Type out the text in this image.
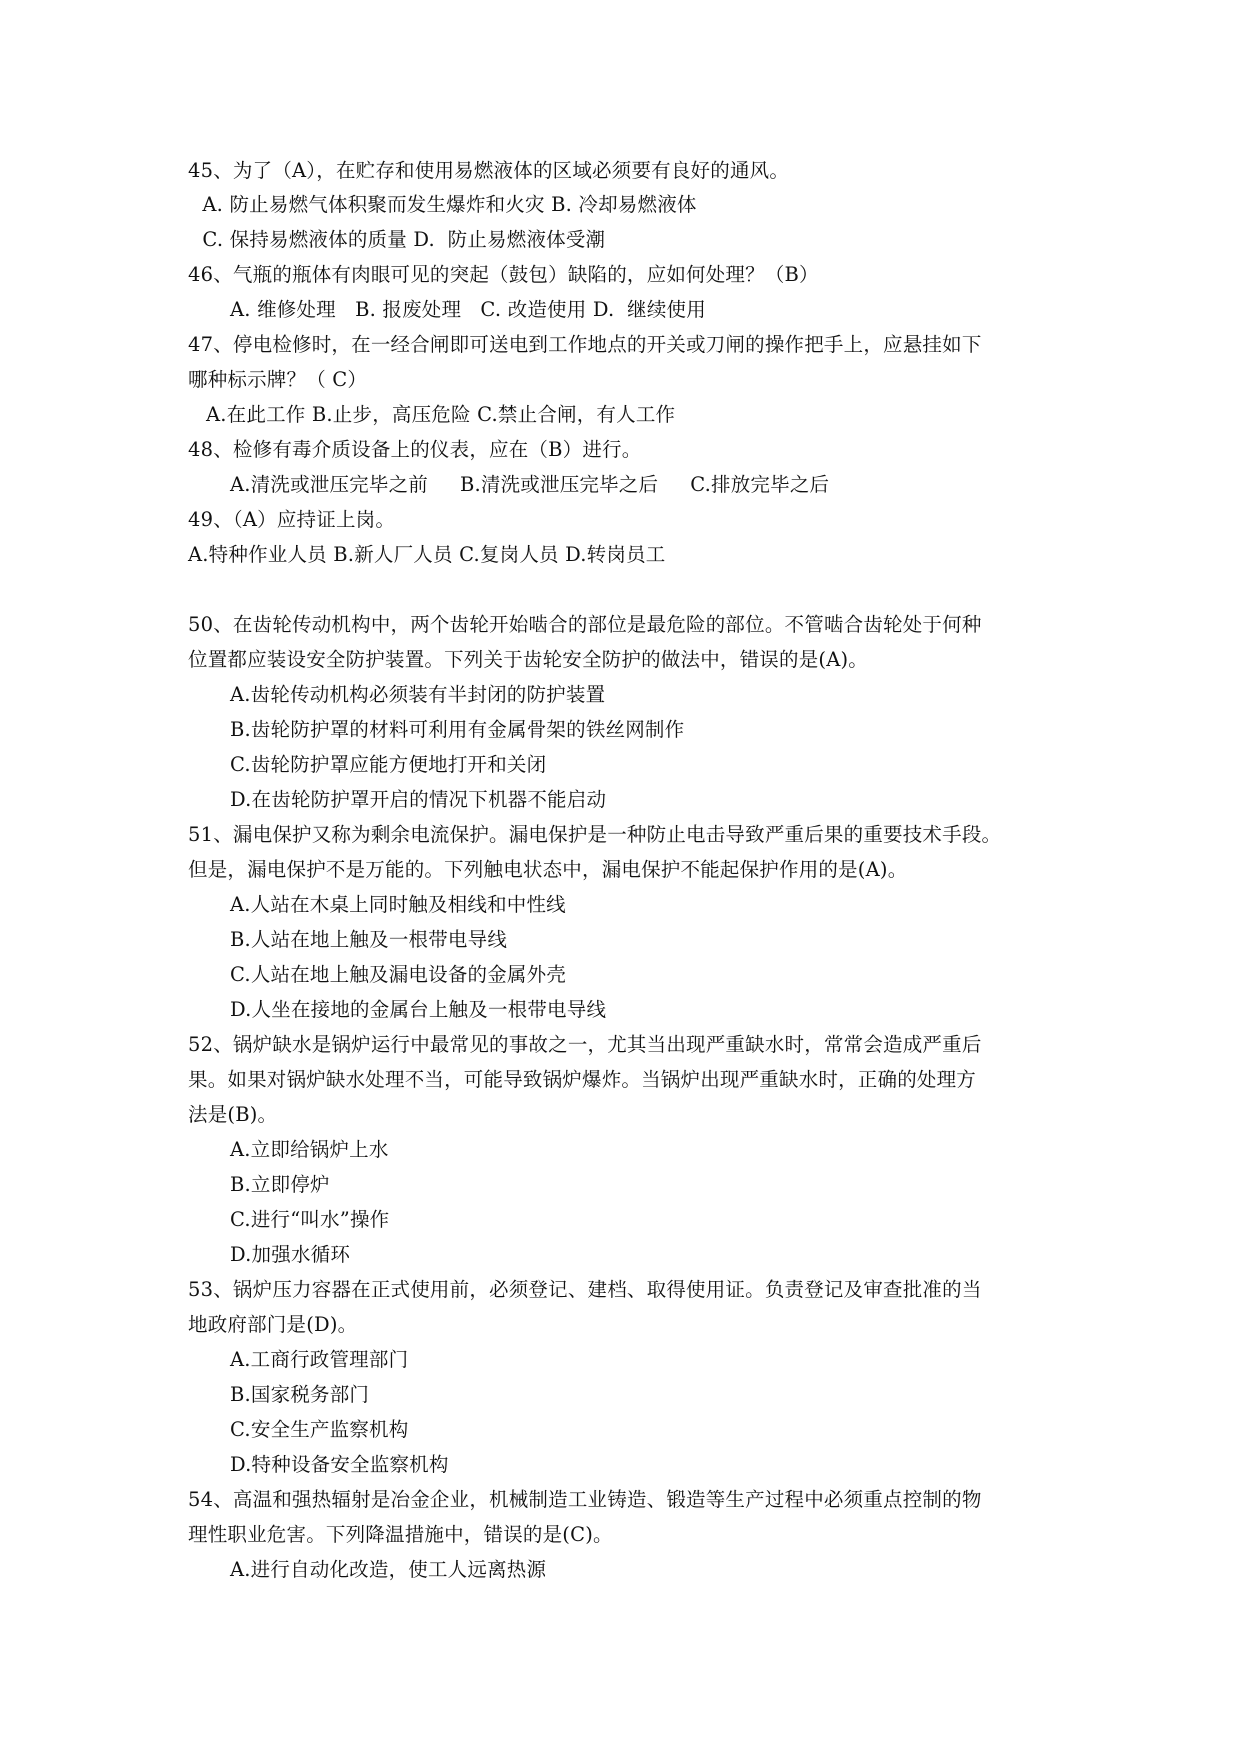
45、为了（A），在贮存和使用易燃液体的区域必须要有良好的通风。
A. 防止易燃气体积聚而发生爆炸和火灾 B. 冷却易燃液体
C. 保持易燃液体的质量 D.  防止易燃液体受潮
46、气瓶的瓶体有肉眼可见的突起（鼓包）缺陷的，应如何处理？（B）
A. 维修处理   B. 报废处理   C. 改造使用 D.  继续使用
47、停电检修时，在一经合闸即可送电到工作地点的开关或刀闸的操作把手上，应悬挂如下
哪种标示牌？（ C）
A.在此工作 B.止步，高压危险 C.禁止合闸，有人工作
48、检修有毒介质设备上的仪表，应在（B）进行。
A.清洗或泄压完毕之前     B.清洗或泄压完毕之后     C.排放完毕之后
49、（A）应持证上岗。
A.特种作业人员 B.新人厂人员 C.复岗人员 D.转岗员工
50、在齿轮传动机构中，两个齿轮开始啮合的部位是最危险的部位。不管啮合齿轮处于何种
位置都应装设安全防护装置。下列关于齿轮安全防护的做法中，错误的是(A)。
A.齿轮传动机构必须装有半封闭的防护装置
B.齿轮防护罩的材料可利用有金属骨架的铁丝网制作
C.齿轮防护罩应能方便地打开和关闭
D.在齿轮防护罩开启的情况下机器不能启动
51、漏电保护又称为剩余电流保护。漏电保护是一种防止电击导致严重后果的重要技术手段。
但是，漏电保护不是万能的。下列触电状态中，漏电保护不能起保护作用的是(A)。
A.人站在木桌上同时触及相线和中性线
B.人站在地上触及一根带电导线
C.人站在地上触及漏电设备的金属外壳
D.人坐在接地的金属台上触及一根带电导线
52、锅炉缺水是锅炉运行中最常见的事故之一，尤其当出现严重缺水时，常常会造成严重后
果。如果对锅炉缺水处理不当，可能导致锅炉爆炸。当锅炉出现严重缺水时，正确的处理方
法是(B)。
A.立即给锅炉上水
B.立即停炉
C.进行“叫水”操作
D.加强水循环
53、锅炉压力容器在正式使用前，必须登记、建档、取得使用证。负责登记及审查批准的当
地政府部门是(D)。
A.工商行政管理部门
B.国家税务部门
C.安全生产监察机构
D.特种设备安全监察机构
54、高温和强热辐射是冶金企业，机械制造工业铸造、锻造等生产过程中必须重点控制的物
理性职业危害。下列降温措施中，错误的是(C)。
A.进行自动化改造，使工人远离热源
